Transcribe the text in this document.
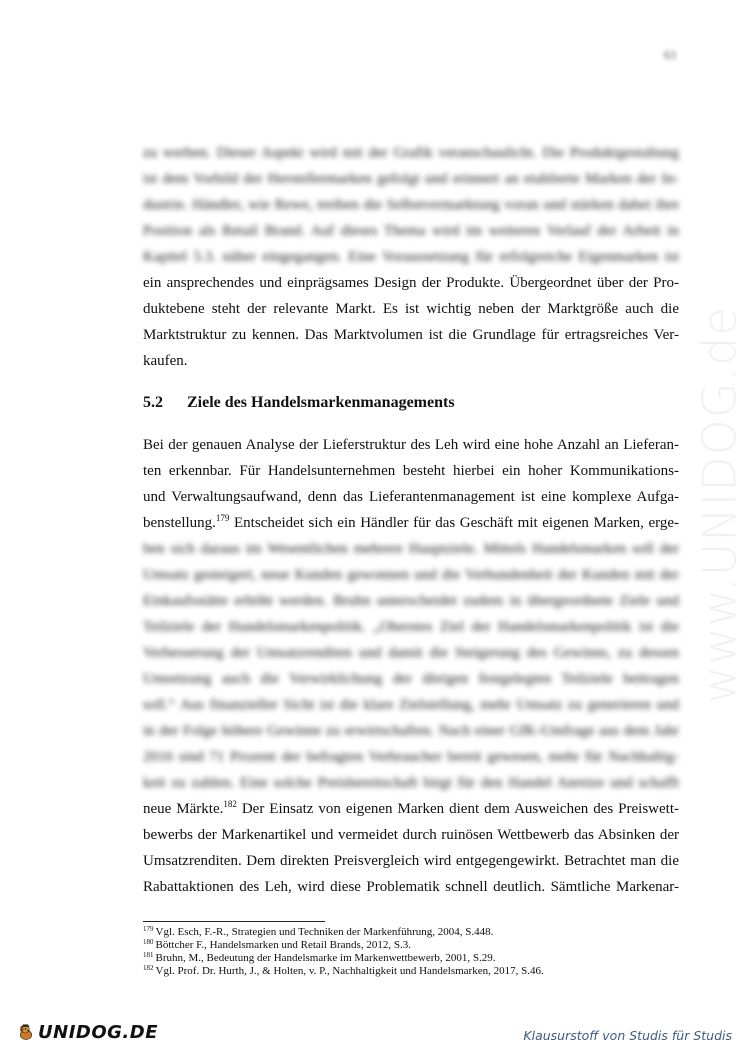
61
www.UNIDOG.de
zu werben. Dieser Aspekt wird mit der Grafik veranschaulicht. Die Produktgestaltung
ist dem Vorbild der Herstellermarken gefolgt und erinnert an etablierte Marken der In-
dustrie. Händler, wie Rewe, treiben die Selbstvermarktung voran und stärken dabei ihre
Position als Retail Brand. Auf dieses Thema wird im weiteren Verlauf der Arbeit in
Kapitel 5.3. näher eingegangen. Eine Voraussetzung für erfolgreiche Eigenmarken ist
ein ansprechendes und einprägsames Design der Produkte. Übergeordnet über der Pro-
duktebene steht der relevante Markt. Es ist wichtig neben der Marktgröße auch die
Marktstruktur zu kennen. Das Marktvolumen ist die Grundlage für ertragsreiches Ver-
kaufen.
5.2 Ziele des Handelsmarkenmanagements
Bei der genauen Analyse der Lieferstruktur des Leh wird eine hohe Anzahl an Lieferan-
ten erkennbar. Für Handelsunternehmen besteht hierbei ein hoher Kommunikations-
und Verwaltungsaufwand, denn das Lieferantenmanagement ist eine komplexe Aufga-
benstellung.$^{179}$ Entscheidet sich ein Händler für das Geschäft mit eigenen Marken, erge-
ben sich daraus im Wesentlichen mehrere Hauptziele. Mittels Handelsmarken soll der
Umsatz gesteigert, neue Kunden gewonnen und die Verbundenheit der Kunden mit der
Einkaufsstätte erhöht werden. Bruhn unterscheidet zudem in übergeordnete Ziele und
Teilziele der Handelsmarkenpolitik. „Oberstes Ziel der Handelsmarkenpolitik ist die
Verbesserung der Umsatzrenditen und damit die Steigerung des Gewinns, zu dessen
Umsetzung auch die Verwirklichung der übrigen festgelegten Teilziele beitragen
soll.“ Aus finanzieller Sicht ist die klare Zielstellung, mehr Umsatz zu generieren und
in der Folge höhere Gewinne zu erwirtschaften. Nach einer GfK-Umfrage aus dem Jahr
2016 sind 71 Prozent der befragten Verbraucher bereit gewesen, mehr für Nachhaltig-
keit zu zahlen. Eine solche Preisbereitschaft birgt für den Handel Anreize und schafft
neue Märkte.$^{182}$ Der Einsatz von eigenen Marken dient dem Ausweichen des Preiswett-
bewerbs der Markenartikel und vermeidet durch ruinösen Wettbewerb das Absinken der
Umsatzrenditen. Dem direkten Preisvergleich wird entgegengewirkt. Betrachtet man die
Rabattaktionen des Leh, wird diese Problematik schnell deutlich. Sämtliche Markenar-
$^{179}$ Vgl. Esch, F.-R., Strategien und Techniken der Markenführung, 2004, S.448.
$^{180}$ Böttcher F., Handelsmarken und Retail Brands, 2012, S.3.
$^{181}$ Bruhn, M., Bedeutung der Handelsmarke im Markenwettbewerb, 2001, S.29.
$^{182}$ Vgl. Prof. Dr. Hurth, J., & Holten, v. P., Nachhaltigkeit und Handelsmarken, 2017, S.46.
UNIDOG.DE	Klausurstoff von Studis für Studis
